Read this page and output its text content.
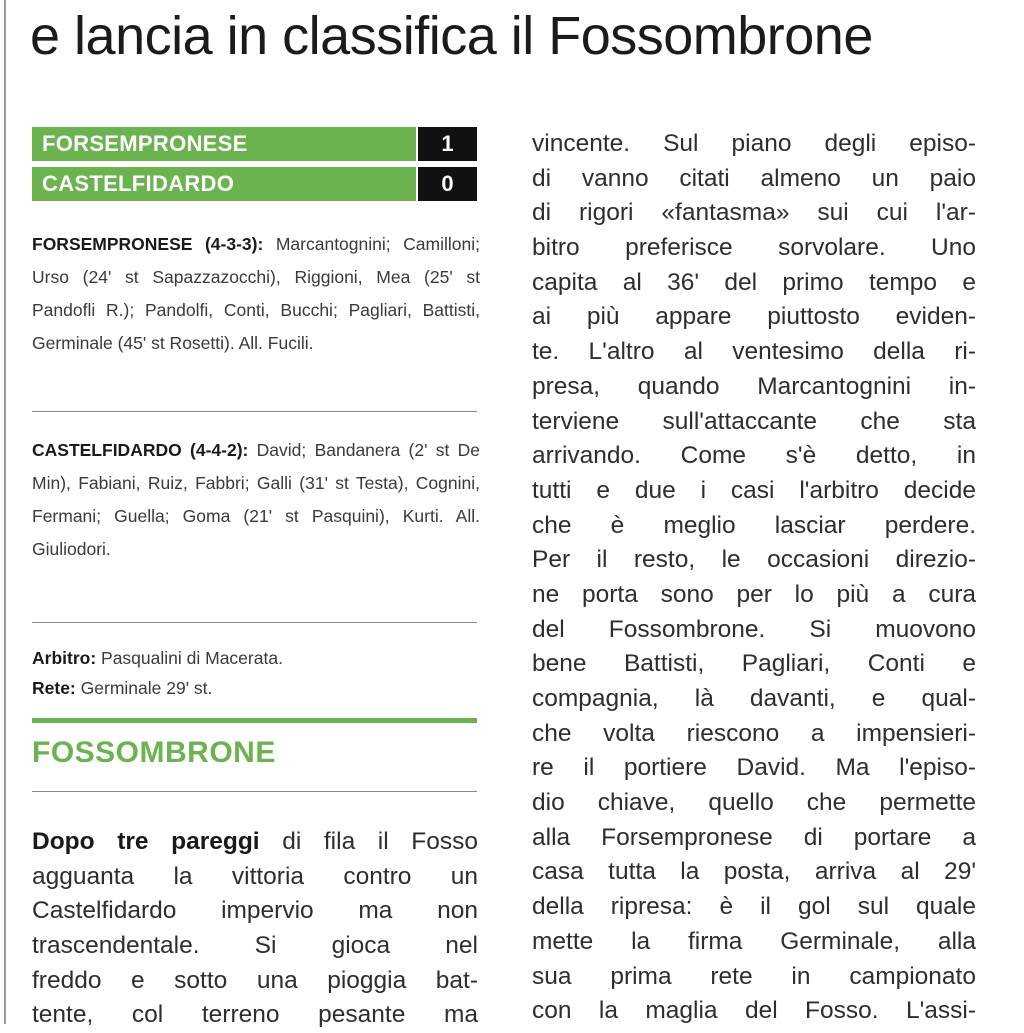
e lancia in classifica il Fossombrone
FORSEMPRONESE	1
CASTELFIDARDO	0
FORSEMPRONESE (4-3-3): Marcantognini; Camilloni; Urso (24' st Sapazzazocchi), Riggioni, Mea (25' st Pandofli R.); Pandolfi, Conti, Bucchi; Pagliari, Battisti, Germinale (45' st Rosetti). All. Fucili.
CASTELFIDARDO (4-4-2): David; Bandanera (2' st De Min), Fabiani, Ruiz, Fabbri; Galli (31' st Testa), Cognini, Fermani; Guella; Goma (21' st Pasquini), Kurti. All. Giuliodori.
Arbitro: Pasqualini di Macerata.
Rete: Germinale 29' st.
FOSSOMBRONE
Dopo tre pareggi di fila il Fosso
agguanta la vittoria contro un
Castelfidardo impervio ma non
trascendentale. Si gioca nel
freddo e sotto una pioggia bat-
tente, col terreno pesante ma
vincente. Sul piano degli episo-
di vanno citati almeno un paio
di rigori «fantasma» sui cui l'ar-
bitro preferisce sorvolare. Uno
capita al 36' del primo tempo e
ai più appare piuttosto eviden-
te. L'altro al ventesimo della ri-
presa, quando Marcantognini in-
terviene sull'attaccante che sta
arrivando. Come s'è detto, in
tutti e due i casi l'arbitro decide
che è meglio lasciar perdere.
Per il resto, le occasioni direzio-
ne porta sono per lo più a cura
del Fossombrone. Si muovono
bene Battisti, Pagliari, Conti e
compagnia, là davanti, e qual-
che volta riescono a impensieri-
re il portiere David. Ma l'episo-
dio chiave, quello che permette
alla Forsempronese di portare a
casa tutta la posta, arriva al 29'
della ripresa: è il gol sul quale
mette la firma Germinale, alla
sua prima rete in campionato
con la maglia del Fosso. L'assi-
